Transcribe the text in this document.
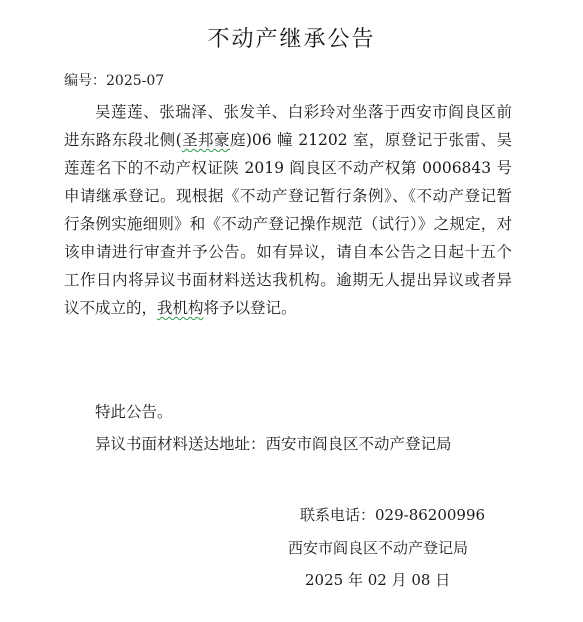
不动产继承公告
编号：2025-07
吴莲莲、张瑞泽、张发羊、白彩玲对坐落于西安市阎良区前进东路东段北侧(圣邦豪庭)06 幢 21202 室，原登记于张雷、吴莲莲名下的不动产权证陕 2019 阎良区不动产权第 0006843 号申请继承登记。现根据《不动产登记暂行条例》、《不动产登记暂行条例实施细则》和《不动产登记操作规范（试行）》之规定，对该申请进行审查并予公告。如有异议，请自本公告之日起十五个工作日内将异议书面材料送达我机构。逾期无人提出异议或者异议不成立的，我机构将予以登记。
特此公告。
异议书面材料送达地址：西安市阎良区不动产登记局
联系电话：029-86200996
西安市阎良区不动产登记局
2025 年 02 月 08 日
